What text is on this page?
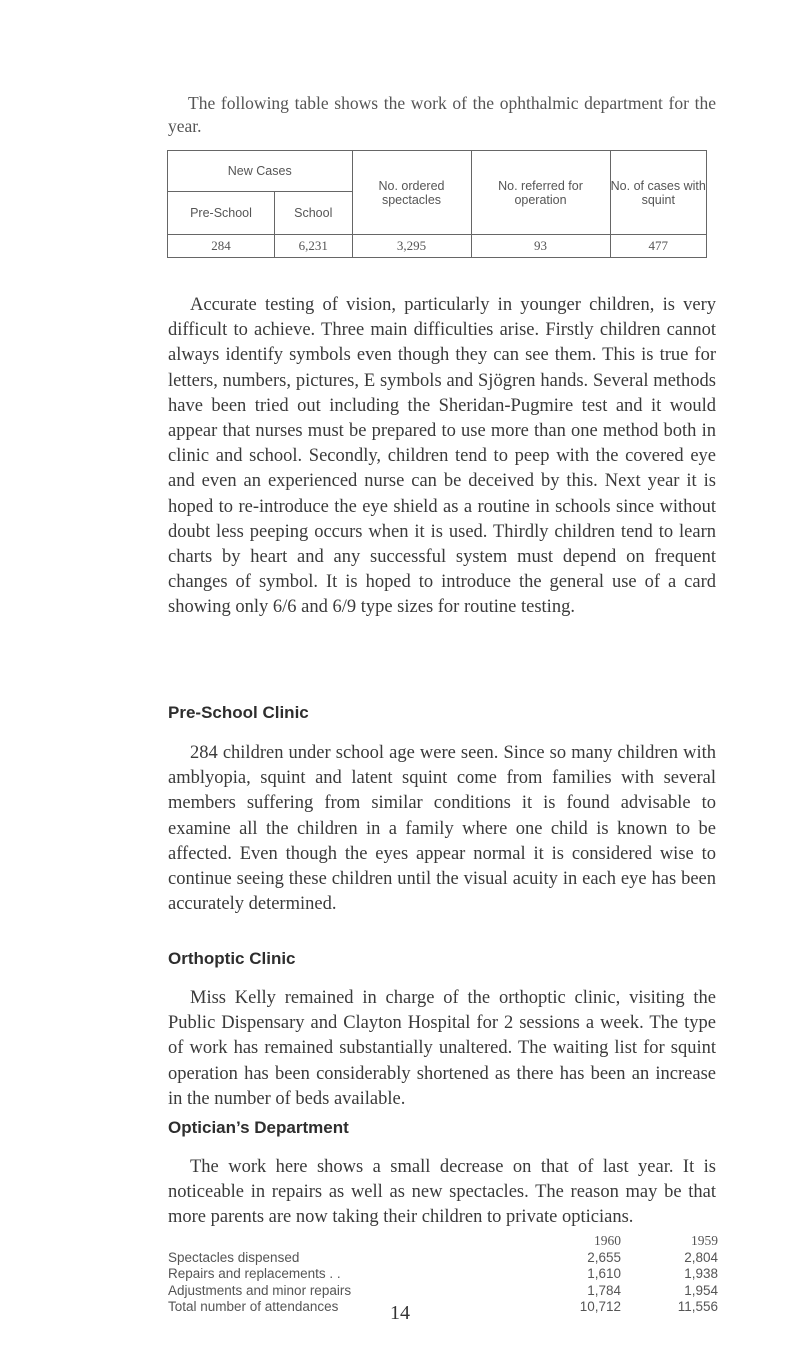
The following table shows the work of the ophthalmic department for the year.

New Cases		No. ordered spectacles	No. referred for operation	No. of cases with squint
Pre-School	School			
284	6,231	3,295	93	477

Accurate testing of vision, particularly in younger children, is very difficult to achieve. Three main difficulties arise. Firstly children cannot always identify symbols even though they can see them. This is true for letters, numbers, pictures, E symbols and Sjögren hands. Several methods have been tried out including the Sheridan-Pugmire test and it would appear that nurses must be prepared to use more than one method both in clinic and school. Secondly, children tend to peep with the covered eye and even an experienced nurse can be deceived by this. Next year it is hoped to re-introduce the eye shield as a routine in schools since without doubt less peeping occurs when it is used. Thirdly children tend to learn charts by heart and any successful system must depend on frequent changes of symbol. It is hoped to introduce the general use of a card showing only 6/6 and 6/9 type sizes for routine testing.

Pre-School Clinic

284 children under school age were seen. Since so many children with amblyopia, squint and latent squint come from families with several members suffering from similar conditions it is found advisable to examine all the children in a family where one child is known to be affected. Even though the eyes appear normal it is considered wise to continue seeing these children until the visual acuity in each eye has been accurately determined.

Orthoptic Clinic

Miss Kelly remained in charge of the orthoptic clinic, visiting the Public Dispensary and Clayton Hospital for 2 sessions a week. The type of work has remained substantially unaltered. The waiting list for squint operation has been considerably shortened as there has been an increase in the number of beds available.

Optician’s Department

The work here shows a small decrease on that of last year. It is noticeable in repairs as well as new spectacles. The reason may be that more parents are now taking their children to private opticians.

1960	1959
Spectacles dispensed	2,655	2,804
Repairs and replacements . .	1,610	1,938
Adjustments and minor repairs	1,784	1,954
Total number of attendances	10,712	11,556
14
